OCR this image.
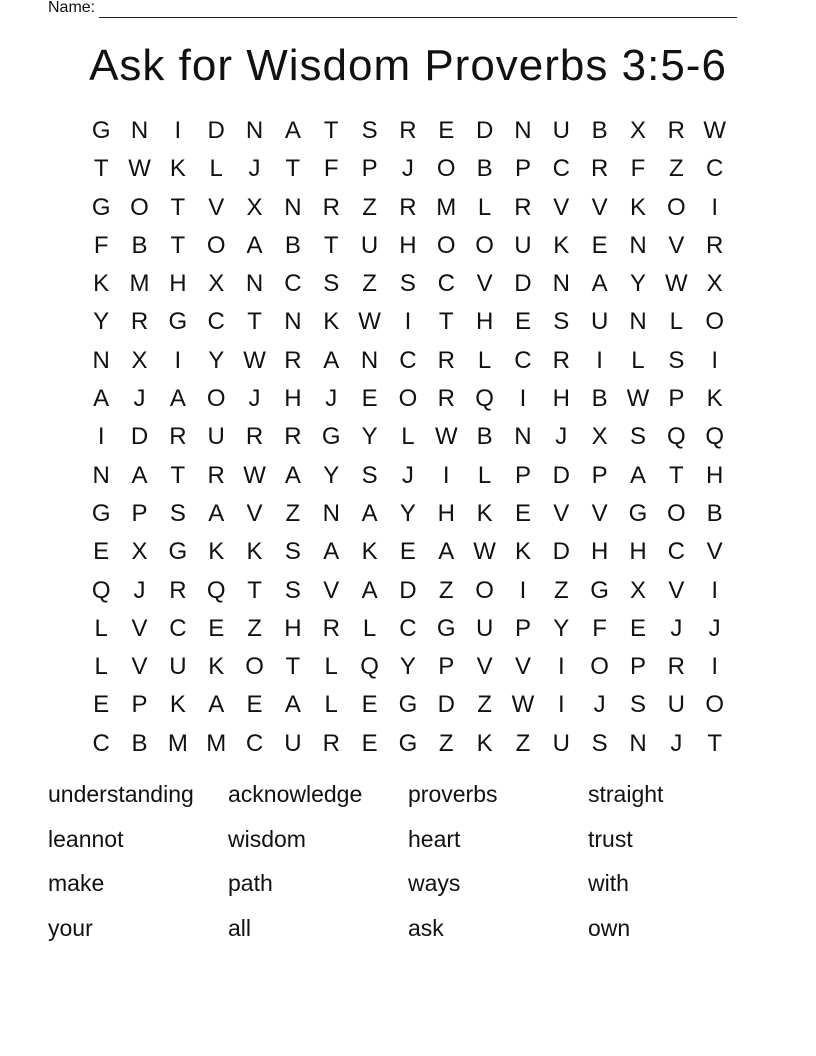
Name:
Ask for Wisdom Proverbs 3:5-6
G N	I	D N A T S R E D N U B X R W
T W K L	J	T F P	J O B P C R F Z C
G O T V X N R Z R M L R V V K O	I
F B T O A B T U H O O U K E N V R
K M H X N C S Z S C V D N A Y W X
Y R G C T N K W I	T H E S U N L O
N X	I	Y W R A N C R L C R	I	L S	I
A	J	A O J H J	E O R Q	I	H B W P K
I	D R U R R G Y L W B N J	X S Q Q
N A T R W A Y S	J	I	L P D P A T H
G P S A V Z N A Y H K E V V G O B
E X G K K S A K E A W K D H H C V
Q J R Q T S V A D Z O	I	Z G X V	I
L V C E Z H R L C G U P Y F E	J	J
L V U K O T	L Q Y P V V	I	O P R	I
E P K A E A L E G D Z W I	J	S U O
C B M M C U R E G Z K Z U S N J	T
understanding	acknowledge	proverbs	straight
leannot	wisdom	heart	trust
make	path	ways	with
your	all	ask	own
